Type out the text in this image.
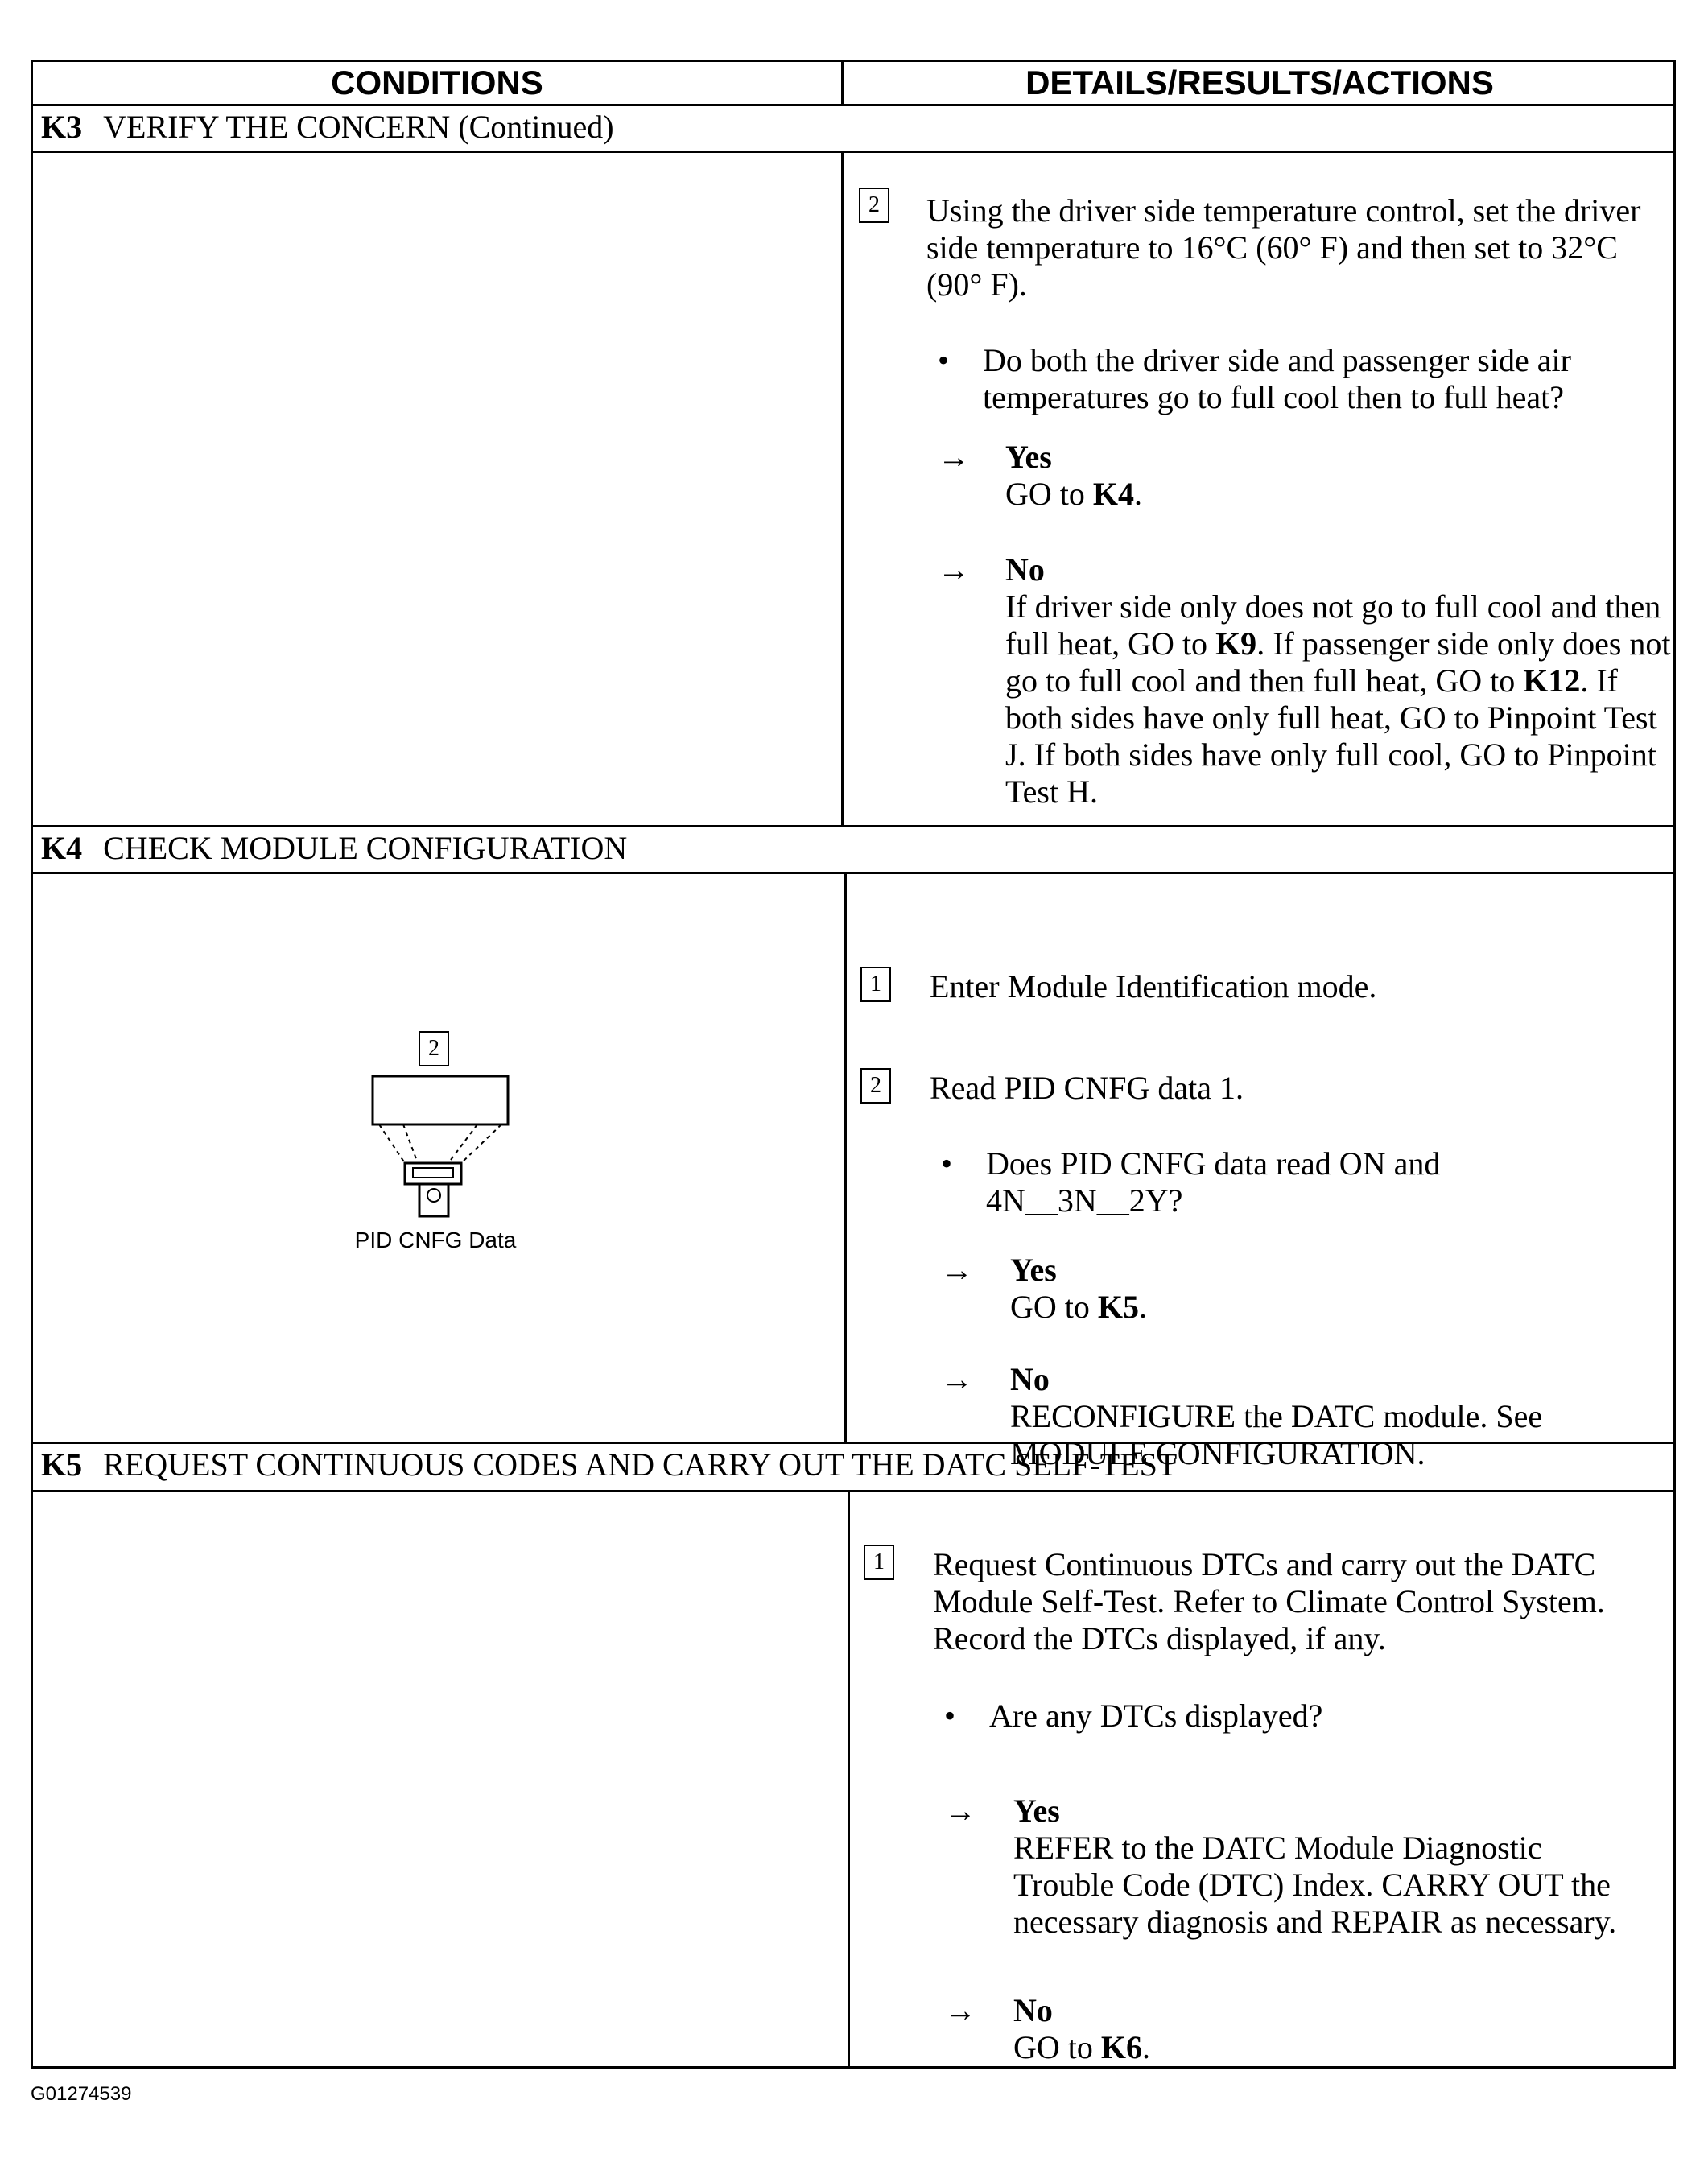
CONDITIONS	DETAILS/RESULTS/ACTIONS
K3 VERIFY THE CONCERN (Continued)
2	Using the driver side temperature control, set the driver side temperature to 16°C (60° F) and then set to 32°C (90° F).
• Do both the driver side and passenger side air temperatures go to full cool then to full heat?
→ Yes
GO to K4.
→ No
If driver side only does not go to full cool and then full heat, GO to K9. If passenger side only does not go to full cool and then full heat, GO to K12. If both sides have only full heat, GO to Pinpoint Test J. If both sides have only full cool, GO to Pinpoint Test H.
K4 CHECK MODULE CONFIGURATION
2
PID CNFG Data
1	Enter Module Identification mode.
2	Read PID CNFG data 1.
• Does PID CNFG data read ON and 4N__3N__2Y?
→ Yes
GO to K5.
→ No
RECONFIGURE the DATC module. See MODULE CONFIGURATION.
K5 REQUEST CONTINUOUS CODES AND CARRY OUT THE DATC SELF-TEST
1	Request Continuous DTCs and carry out the DATC Module Self-Test. Refer to Climate Control System. Record the DTCs displayed, if any.
• Are any DTCs displayed?
→ Yes
REFER to the DATC Module Diagnostic Trouble Code (DTC) Index. CARRY OUT the necessary diagnosis and REPAIR as necessary.
→ No
GO to K6.
G01274539
